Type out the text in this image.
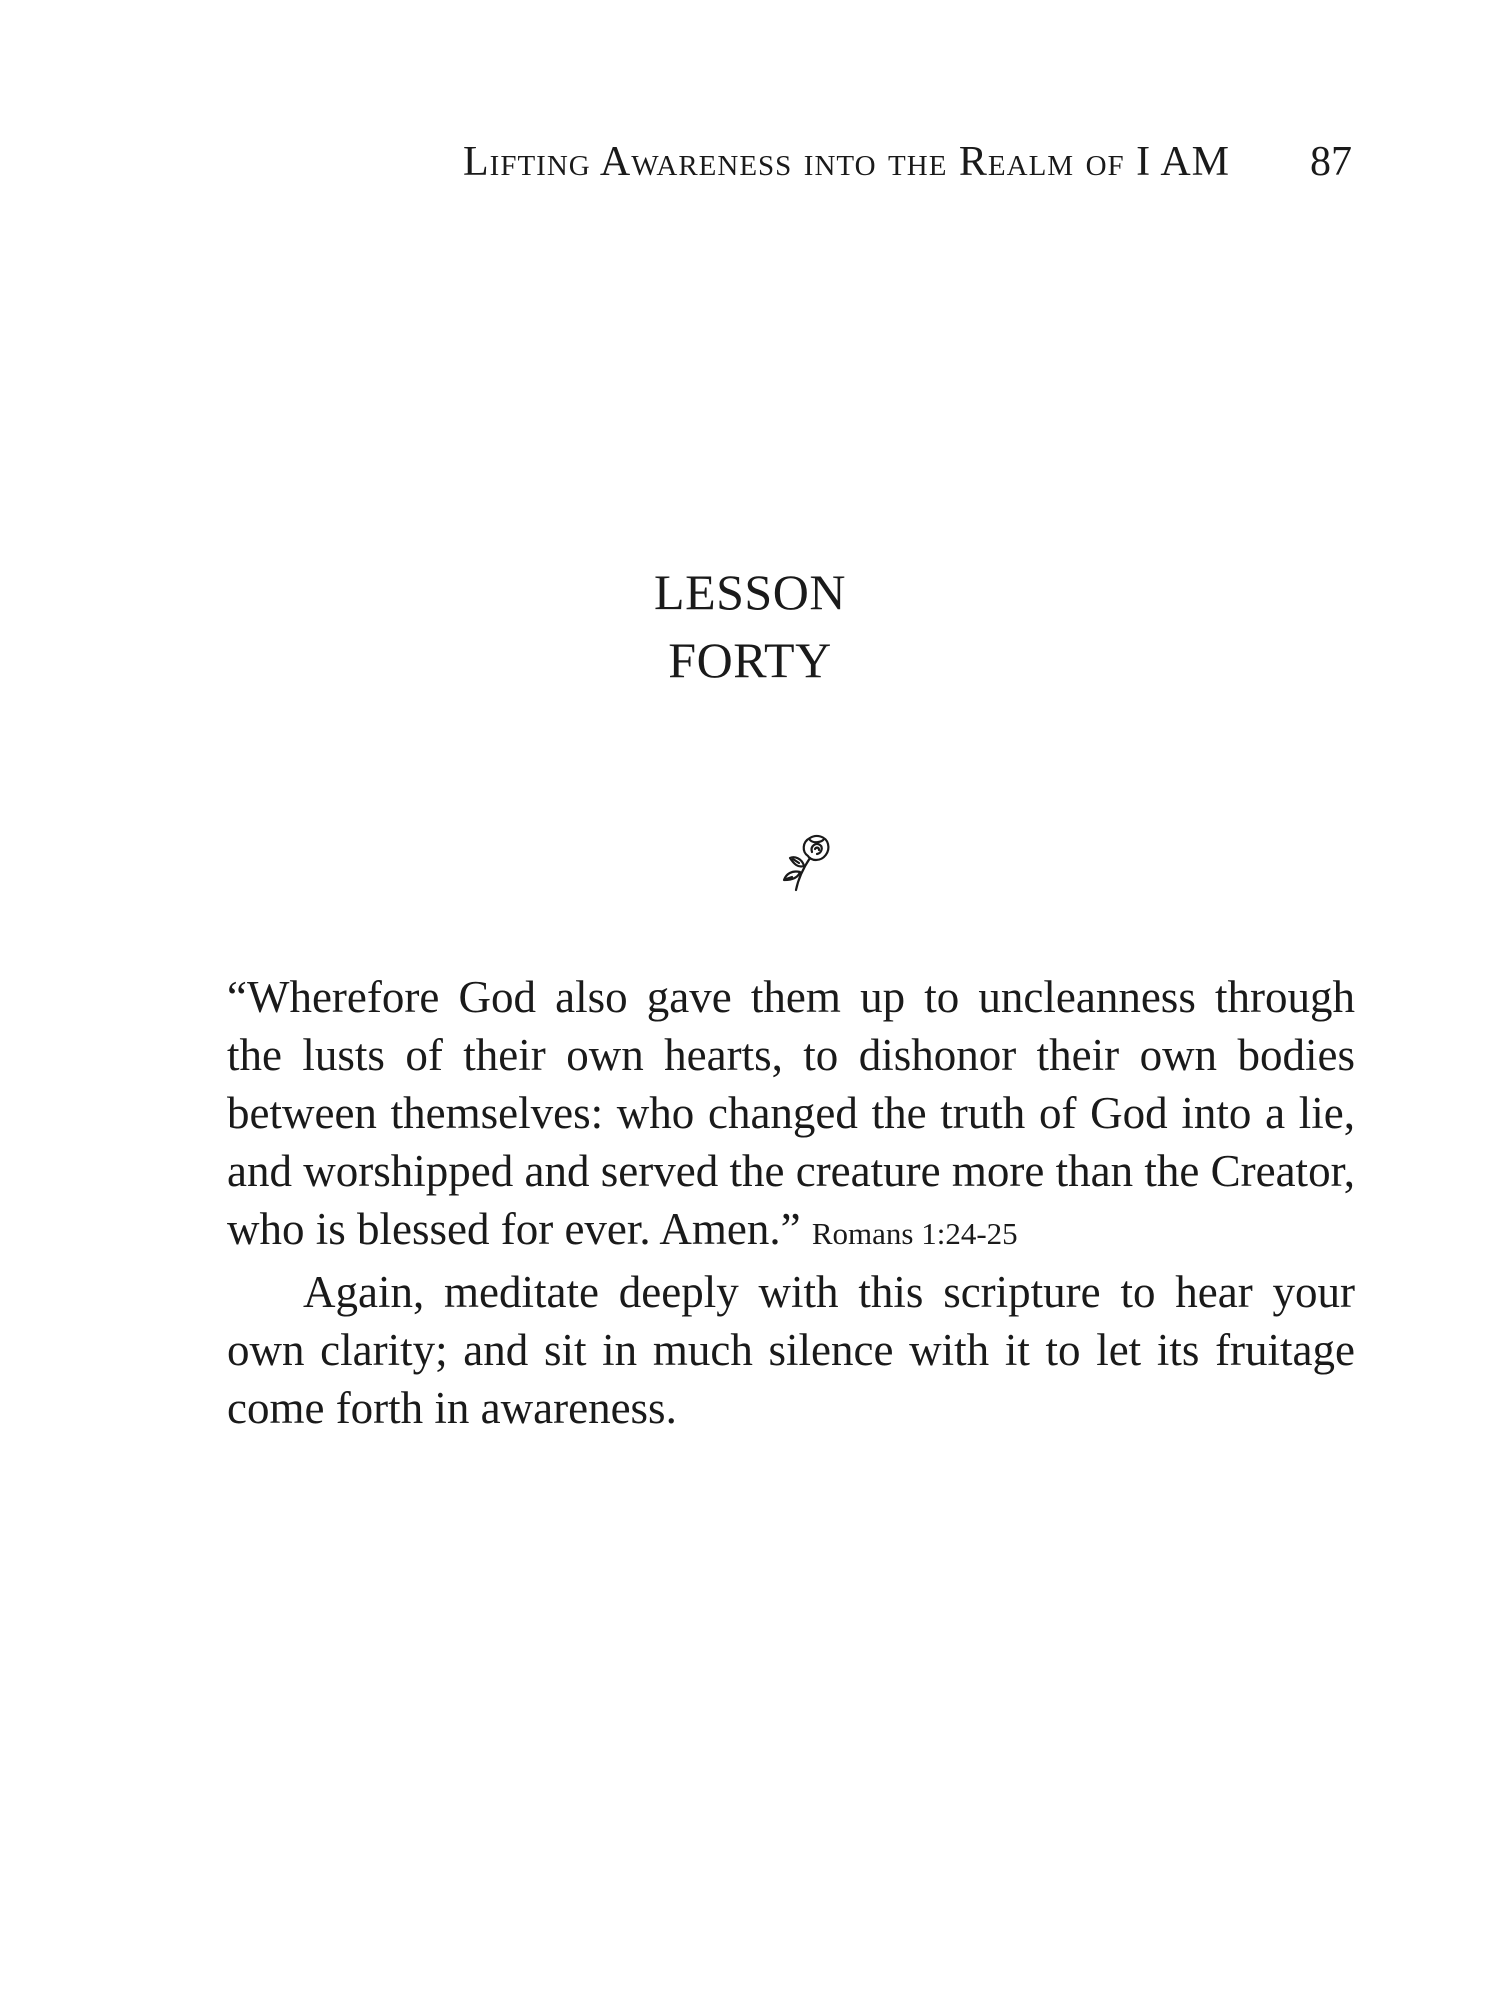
Lifting Awareness into the Realm of I AM 87
LESSON
FORTY

“Wherefore God also gave them up to uncleanness through the lusts of their own hearts, to dishonor their own bodies between themselves: who changed the truth of God into a lie, and worshipped and served the creature more than the Creator, who is blessed for ever. Amen.” Romans 1:24-25

Again, meditate deeply with this scripture to hear your own clarity; and sit in much silence with it to let its fruitage come forth in awareness.
